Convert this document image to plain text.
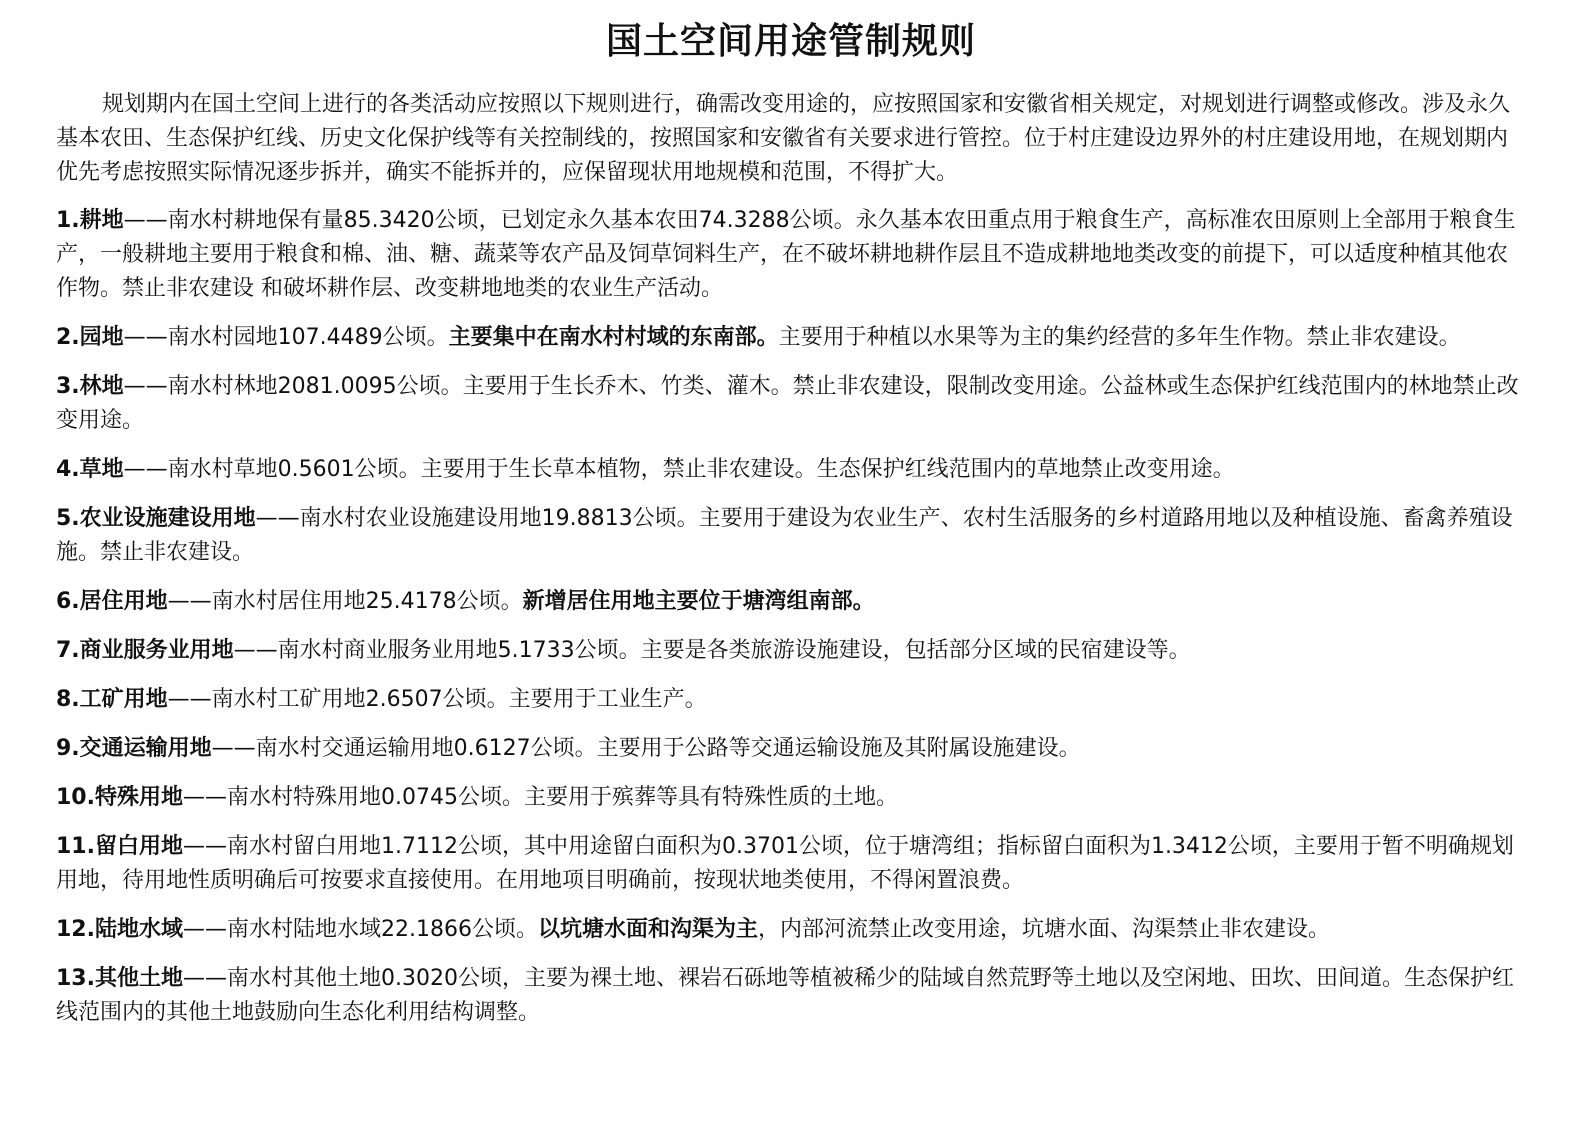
国土空间用途管制规则

规划期内在国土空间上进行的各类活动应按照以下规则进行，确需改变用途的，应按照国家和安徽省相关规定，对规划进行调整或修改。涉及永久基本农田、生态保护红线、历史文化保护线等有关控制线的，按照国家和安徽省有关要求进行管控。位于村庄建设边界外的村庄建设用地，在规划期内优先考虑按照实际情况逐步拆并，确实不能拆并的，应保留现状用地规模和范围，不得扩大。

1.耕地——南水村耕地保有量85.3420公顷，已划定永久基本农田74.3288公顷。永久基本农田重点用于粮食生产，高标准农田原则上全部用于粮食生产，一般耕地主要用于粮食和棉、油、糖、蔬菜等农产品及饲草饲料生产，在不破坏耕地耕作层且不造成耕地地类改变的前提下，可以适度种植其他农作物。禁止非农建设 和破坏耕作层、改变耕地地类的农业生产活动。

2.园地——南水村园地107.4489公顷。主要集中在南水村村域的东南部。主要用于种植以水果等为主的集约经营的多年生作物。禁止非农建设。

3.林地——南水村林地2081.0095公顷。主要用于生长乔木、竹类、灌木。禁止非农建设，限制改变用途。公益林或生态保护红线范围内的林地禁止改变用途。

4.草地——南水村草地0.5601公顷。主要用于生长草本植物，禁止非农建设。生态保护红线范围内的草地禁止改变用途。

5.农业设施建设用地——南水村农业设施建设用地19.8813公顷。主要用于建设为农业生产、农村生活服务的乡村道路用地以及种植设施、畜禽养殖设施。禁止非农建设。

6.居住用地——南水村居住用地25.4178公顷。新增居住用地主要位于塘湾组南部。

7.商业服务业用地——南水村商业服务业用地5.1733公顷。主要是各类旅游设施建设，包括部分区域的民宿建设等。

8.工矿用地——南水村工矿用地2.6507公顷。主要用于工业生产。

9.交通运输用地——南水村交通运输用地0.6127公顷。主要用于公路等交通运输设施及其附属设施建设。

10.特殊用地——南水村特殊用地0.0745公顷。主要用于殡葬等具有特殊性质的土地。

11.留白用地——南水村留白用地1.7112公顷，其中用途留白面积为0.3701公顷，位于塘湾组；指标留白面积为1.3412公顷，主要用于暂不明确规划用地，待用地性质明确后可按要求直接使用。在用地项目明确前，按现状地类使用，不得闲置浪费。

12.陆地水域——南水村陆地水域22.1866公顷。以坑塘水面和沟渠为主，内部河流禁止改变用途，坑塘水面、沟渠禁止非农建设。

13.其他土地——南水村其他土地0.3020公顷，主要为裸土地、裸岩石砾地等植被稀少的陆域自然荒野等土地以及空闲地、田坎、田间道。生态保护红线范围内的其他土地鼓励向生态化利用结构调整。
